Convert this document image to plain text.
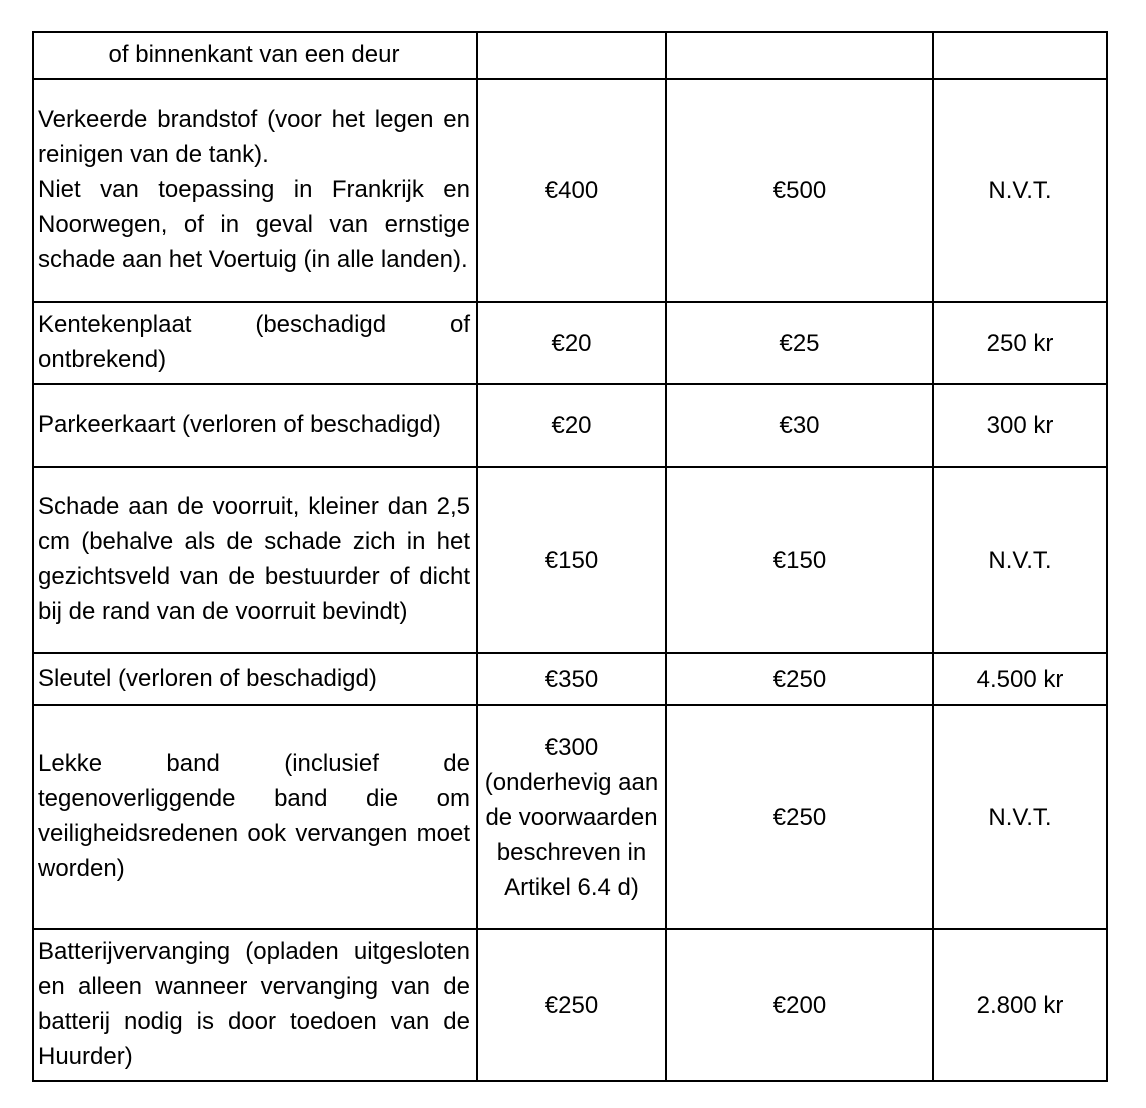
of binnenkant van een deur			
Verkeerde brandstof (voor het legen en reinigen van de tank).
Niet van toepassing in Frankrijk en Noorwegen, of in geval van ernstige schade aan het Voertuig (in alle landen).	€400	€500	N.V.T.
Kentekenplaat (beschadigd of ontbrekend)	€20	€25	250 kr
Parkeerkaart (verloren of beschadigd)	€20	€30	300 kr
Schade aan de voorruit, kleiner dan 2,5 cm (behalve als de schade zich in het gezichtsveld van de bestuurder of dicht bij de rand van de voorruit bevindt)	€150	€150	N.V.T.
Sleutel (verloren of beschadigd)	€350	€250	4.500 kr
Lekke band (inclusief de tegenoverliggende band die om veiligheidsredenen ook vervangen moet worden)	€300 (onderhevig aan de voorwaarden beschreven in Artikel 6.4 d)	€250	N.V.T.
Batterijvervanging (opladen uitgesloten en alleen wanneer vervanging van de batterij nodig is door toedoen van de Huurder)	€250	€200	2.800 kr
